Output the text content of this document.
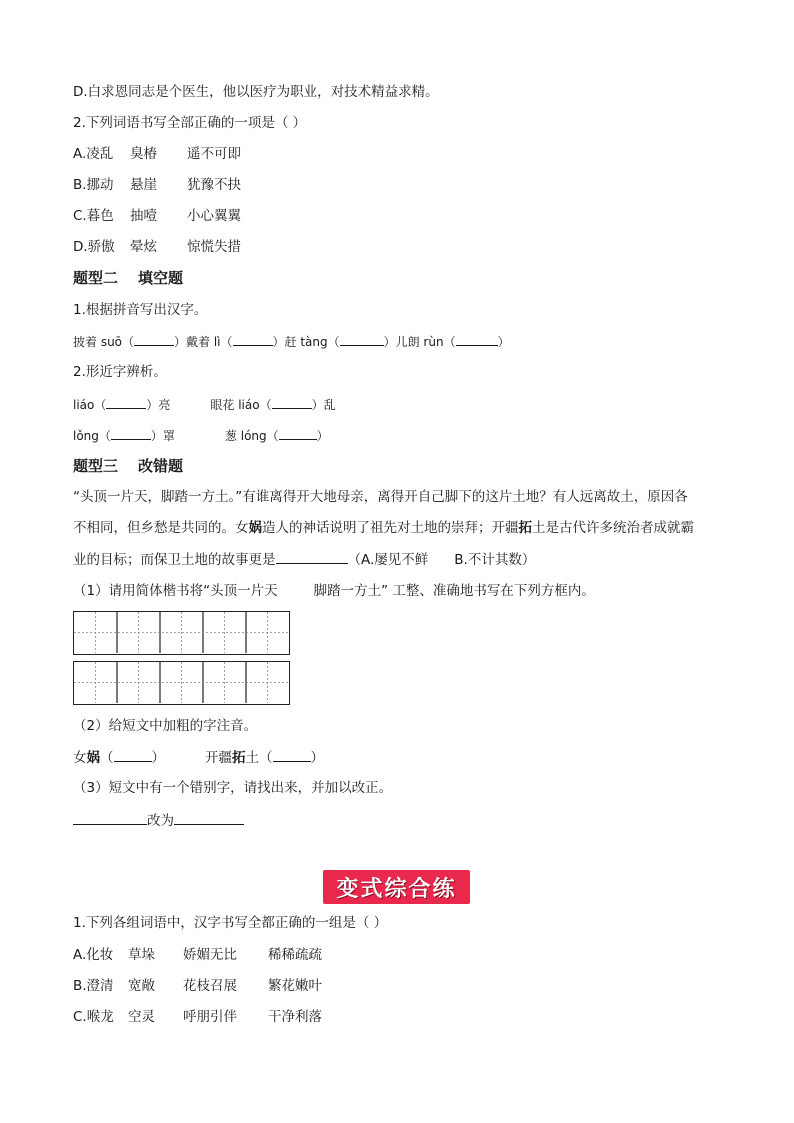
D.白求恩同志是个医生，他以医疗为职业，对技术精益求精。
2.下列词语书写全部正确的一项是（ ）
A.凌乱 臭椿 遥不可即
B.挪动 悬崖 犹豫不抉
C.暮色 抽噎 小心翼翼
D.骄傲 晕炫 惊慌失措
题型二 填空题
1.根据拼音写出汉字。
披着 suō（	）戴着 lì（	）赶 tàng（	）儿朗 rùn（	）
2.形近字辨析。
liáo（	）亮	眼花 liáo（	）乱
lǒng（	）罩	葱 lóng（	）
题型三 改错题
“头顶一片天，脚踏一方土。”有谁离得开大地母亲，离得开自己脚下的这片土地？有人远离故土，原因各
不相同，但乡愁是共同的。女娲造人的神话说明了祖先对土地的崇拜；开疆拓土是古代许多统治者成就霸
业的目标；而保卫土地的故事更是	（A.屡见不鲜 B.不计其数）
（1）请用简体楷书将“头顶一片天	脚踏一方土” 工整、准确地书写在下列方框内。
（2）给短文中加粗的字注音。
女娲（	）	开疆拓土（	）
（3）短文中有一个错别字，请找出来，并加以改正。
改为
变式综合练
1.下列各组词语中，汉字书写全都正确的一组是（ ）
A.化妆 草垛 娇媚无比 稀稀疏疏
B.澄清 宽敞 花枝召展 繁花嫩叶
C.喉龙 空灵 呼朋引伴 干净利落
